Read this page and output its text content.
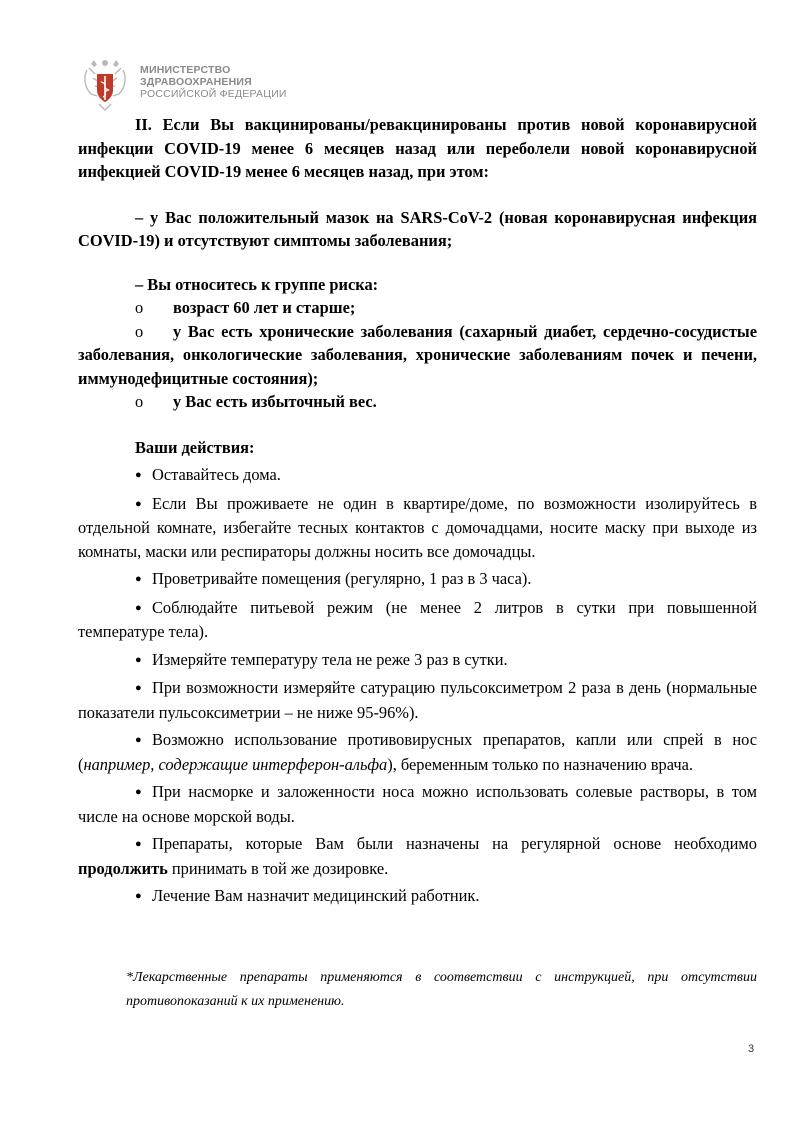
МИНИСТЕРСТВО
ЗДРАВООХРАНЕНИЯ
РОССИЙСКОЙ ФЕДЕРАЦИИ

II. Если Вы вакцинированы/ревакцинированы против новой коронавирусной инфекции COVID-19 менее 6 месяцев назад или переболели новой коронавирусной инфекцией COVID-19 менее 6 месяцев назад, при этом:

– у Вас положительный мазок на SARS-CoV-2 (новая коронавирусная инфекция COVID-19) и отсутствуют симптомы заболевания;

– Вы относитесь к группе риска:

o возраст 60 лет и старше;

o у Вас есть хронические заболевания (сахарный диабет, сердечно-сосудистые заболевания, онкологические заболевания, хронические заболеваниям почек и печени, иммунодефицитные состояния);

o у Вас есть избыточный вес.

Ваши действия:

● Оставайтесь дома.

● Если Вы проживаете не один в квартире/доме, по возможности изолируйтесь в отдельной комнате, избегайте тесных контактов с домочадцами, носите маску при выходе из комнаты, маски или респираторы должны носить все домочадцы.

● Проветривайте помещения (регулярно, 1 раз в 3 часа).

● Соблюдайте питьевой режим (не менее 2 литров в сутки при повышенной температуре тела).

● Измеряйте температуру тела не реже 3 раз в сутки.

● При возможности измеряйте сатурацию пульсоксиметром 2 раза в день (нормальные показатели пульсоксиметрии – не ниже 95-96%).

● Возможно использование противовирусных препаратов, капли или спрей в нос (например, содержащие интерферон-альфа), беременным только по назначению врача.

● При насморке и заложенности носа можно использовать солевые растворы, в том числе на основе морской воды.

● Препараты, которые Вам были назначены на регулярной основе необходимо продолжить принимать в той же дозировке.

● Лечение Вам назначит медицинский работник.

*Лекарственные препараты применяются в соответствии с инструкцией, при отсутствии противопоказаний к их применению.

3
